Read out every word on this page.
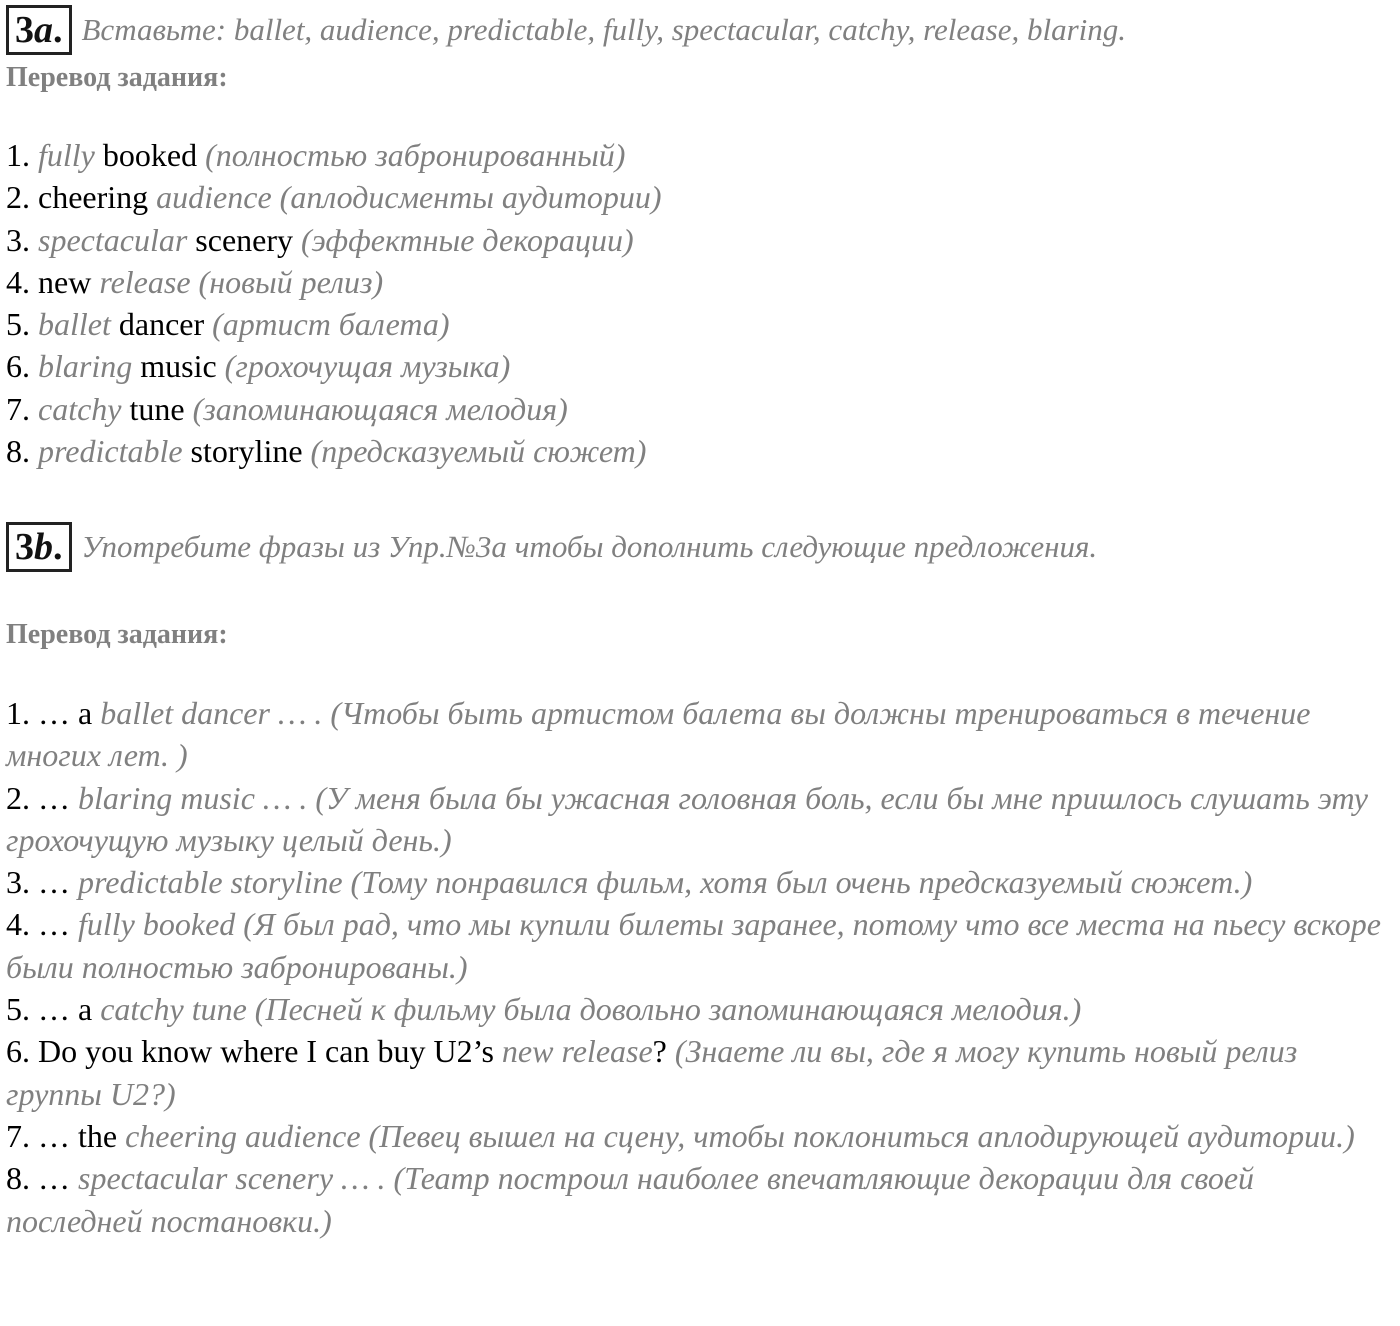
3a. Вставьте: ballet, audience, predictable, fully, spectacular, catchy, release, blaring.
Перевод задания:
1. fully booked (полностью забронированный)
2. cheering audience (аплодисменты аудитории)
3. spectacular scenery (эффектные декорации)
4. new release (новый релиз)
5. ballet dancer (артист балета)
6. blaring music (грохочущая музыка)
7. catchy tune (запоминающаяся мелодия)
8. predictable storyline (предсказуемый сюжет)
3b. Употребите фразы из Упр.№3a чтобы дополнить следующие предложения.
Перевод задания:
1. … a ballet dancer … . (Чтобы быть артистом балета вы должны тренироваться в течение многих лет. )
2. … blaring music … . (У меня была бы ужасная головная боль, если бы мне пришлось слушать эту грохочущую музыку целый день.)
3. … predictable storyline (Тому понравился фильм, хотя был очень предсказуемый сюжет.)
4. … fully booked (Я был рад, что мы купили билеты заранее, потому что все места на пьесу вскоре были полностью забронированы.)
5. … a catchy tune (Песней к фильму была довольно запоминающаяся мелодия.)
6. Do you know where I can buy U2’s new release? (Знаете ли вы, где я могу купить новый релиз группы U2?)
7. … the cheering audience (Певец вышел на сцену, чтобы поклониться аплодирующей аудитории.)
8. … spectacular scenery … . (Театр построил наиболее впечатляющие декорации для своей последней постановки.)
